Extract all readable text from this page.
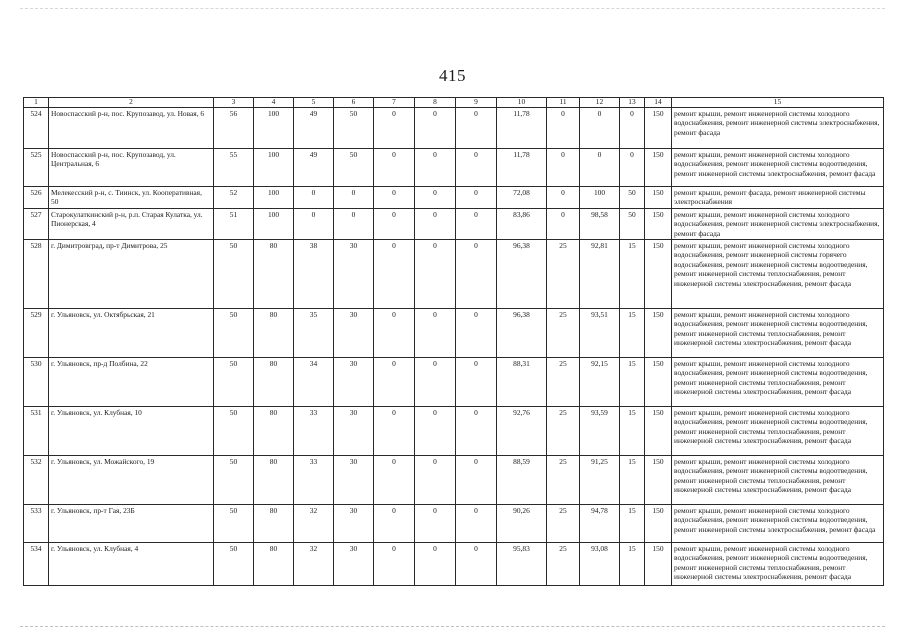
415
1	2	3	4	5	6	7	8	9	10	11	12	13	14	15
524	Новоспасский р-н, пос. Крупозавод, ул. Новая, 6	56	100	49	50	0	0	0	11,78	0	0	0	150	ремонт крыши, ремонт инженерной системы холодного водоснабжения, ремонт инженерной системы электроснабжения, ремонт фасада
525	Новоспасский р-н, пос. Крупозавод, ул. Центральная, 6	55	100	49	50	0	0	0	11,78	0	0	0	150	ремонт крыши, ремонт инженерной системы холодного водоснабжения, ремонт инженерной системы водоотведения, ремонт инженерной системы электроснабжения, ремонт фасада
526	Мелекесский р-н, с. Тиинск, ул. Кооперативная, 50	52	100	0	0	0	0	0	72,08	0	100	50	150	ремонт крыши, ремонт фасада, ремонт инженерной системы электроснабжения
527	Старокулаткинский р-н, р.п. Старая Кулатка, ул. Пионерская, 4	51	100	0	0	0	0	0	83,86	0	98,58	50	150	ремонт крыши, ремонт инженерной системы холодного водоснабжения, ремонт инженерной системы электроснабжения, ремонт фасада
528	г. Димитровград, пр-т Димитрова, 25	50	80	38	30	0	0	0	96,38	25	92,81	15	150	ремонт крыши, ремонт инженерной системы холодного водоснабжения, ремонт инженерной системы горячего водоснабжения, ремонт инженерной системы водоотведения, ремонт инженерной системы теплоснабжения, ремонт инженерной системы электроснабжения, ремонт фасада
529	г. Ульяновск, ул. Октябрьская, 21	50	80	35	30	0	0	0	96,38	25	93,51	15	150	ремонт крыши, ремонт инженерной системы холодного водоснабжения, ремонт инженерной системы водоотведения, ремонт инженерной системы теплоснабжения, ремонт инженерной системы электроснабжения, ремонт фасада
530	г. Ульяновск, пр-д Полбина, 22	50	80	34	30	0	0	0	88,31	25	92,15	15	150	ремонт крыши, ремонт инженерной системы холодного водоснабжения, ремонт инженерной системы водоотведения, ремонт инженерной системы теплоснабжения, ремонт инженерной системы электроснабжения, ремонт фасада
531	г. Ульяновск, ул. Клубная, 10	50	80	33	30	0	0	0	92,76	25	93,59	15	150	ремонт крыши, ремонт инженерной системы холодного водоснабжения, ремонт инженерной системы водоотведения, ремонт инженерной системы теплоснабжения, ремонт инженерной системы электроснабжения, ремонт фасада
532	г. Ульяновск, ул. Можайского, 19	50	80	33	30	0	0	0	88,59	25	91,25	15	150	ремонт крыши, ремонт инженерной системы холодного водоснабжения, ремонт инженерной системы водоотведения, ремонт инженерной системы теплоснабжения, ремонт инженерной системы электроснабжения, ремонт фасада
533	г. Ульяновск, пр-т Гая, 23Б	50	80	32	30	0	0	0	90,26	25	94,78	15	150	ремонт крыши, ремонт инженерной системы холодного водоснабжения, ремонт инженерной системы водоотведения, ремонт инженерной системы электроснабжения, ремонт фасада
534	г. Ульяновск, ул. Клубная, 4	50	80	32	30	0	0	0	95,83	25	93,08	15	150	ремонт крыши, ремонт инженерной системы холодного водоснабжения, ремонт инженерной системы водоотведения, ремонт инженерной системы теплоснабжения, ремонт инженерной системы электроснабжения, ремонт фасада
